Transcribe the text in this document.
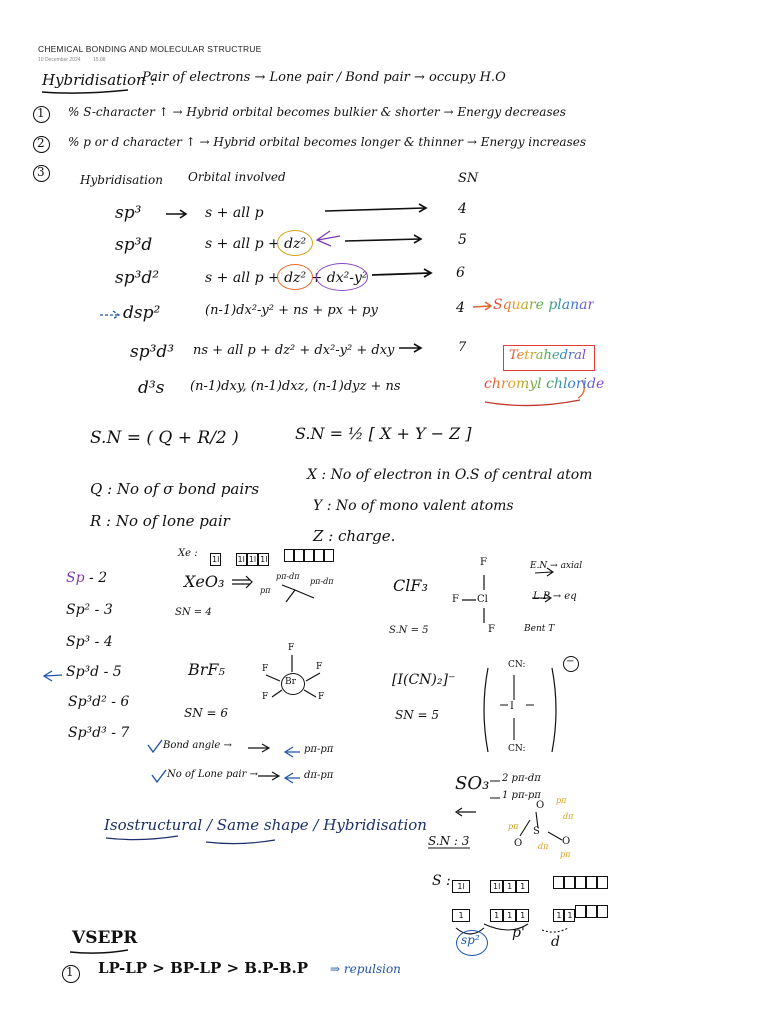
CHEMICAL BONDING AND MOLECULAR STRUCTRUE
10 December 2024 15:08
Hybridisation :
Pair of electrons → Lone pair / Bond pair → occupy H.O
1 % S-character ↑ → Hybrid orbital becomes bulkier & shorter → Energy decreases
2 % p or d character ↑ → Hybrid orbital becomes longer & thinner → Energy increases
3
Hybridisation Orbital involved	SN
sp³	s + all p	4
sp³d	s + all p + dz²	5
sp³d²	s + all p + dz² + dx²-y²	6
dsp²	(n-1)dx²-y² + ns + px + py	4 Square planar
sp³d³ ns + all p + dz² + dx²-y² + dxy	7
Tetrahedral
d³s (n-1)dxy, (n-1)dxz, (n-1)dyz + ns	chromyl chloride
S.N = ( Q + R/2 )	S.N = ½ [ X + Y − Z ]
Q : No of σ bond pairs
X : No of electron in O.S of central atom
R : No of lone pair
Y : No of mono valent atoms
Z : charge.
Sp - 2
Sp² - 3
Sp³ - 4
Sp³d - 5
Sp³d² - 6
Sp³d³ - 7
Xe :
1l 1l 1l 1l
XeO₃
SN = 4
pπ
pπ-dπ
pπ-dπ	ClF₃
S.N = 5
F
F Cl
F
E.N → axial
L.P → eq
Bent T
BrF₅
SN = 6
Br
F
F	F
F	F
[I(CN)₂]⁻
SN = 5
CN:
I
CN:
−
Bond angle →
No of Lone pair →
pπ-pπ
dπ-pπ
Isostructural / Same shape / Hybridisation
SO₃ 2 pπ-dπ
1 pπ-pπ pπ
dπ
pπ
pπ
dπ
O
S
O	O
S.N : 3
S : 1l	1l 1 1
1	1 1 1	1 1
sp² p'
d
VSEPR
1 LP-LP > BP-LP > B.P-B.P ⇒ repulsion
